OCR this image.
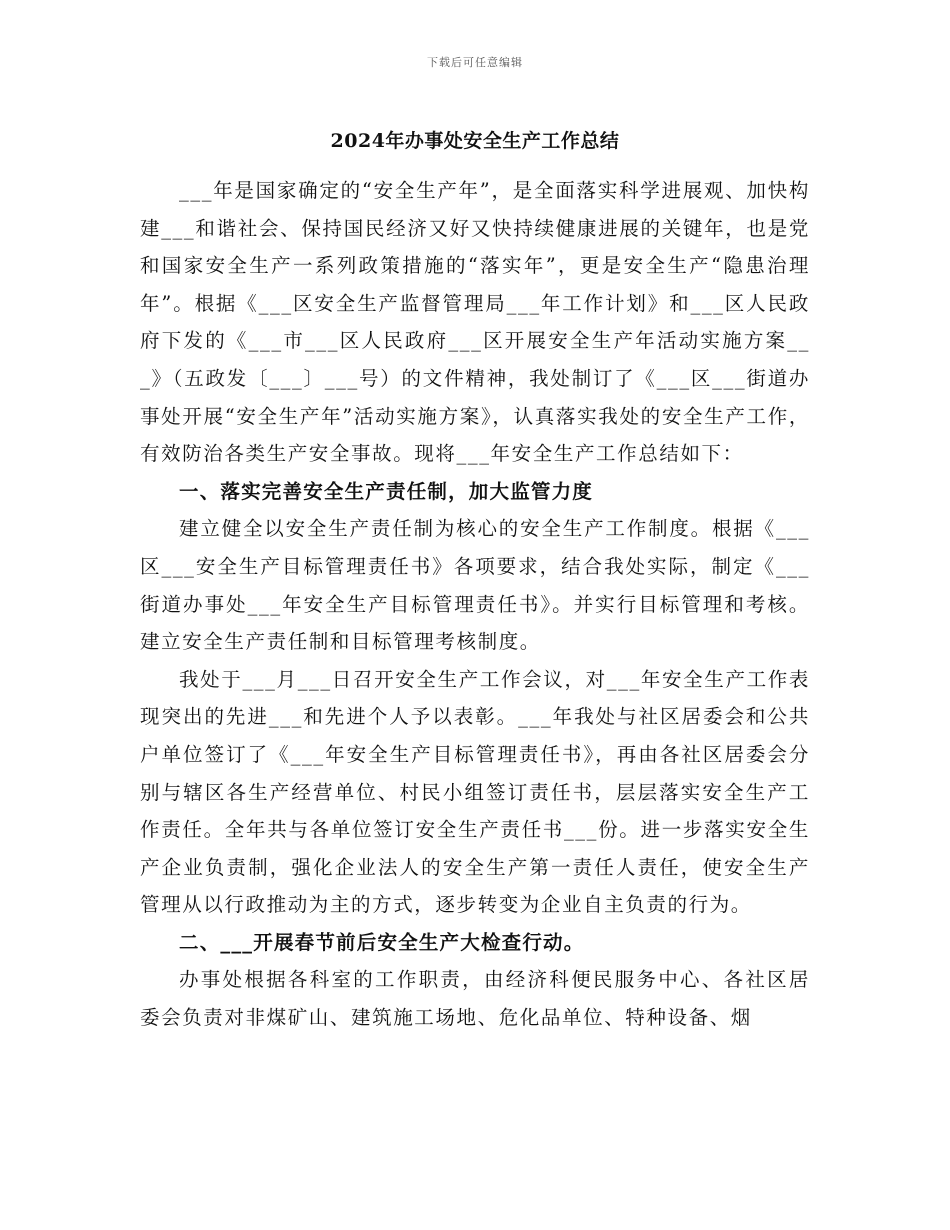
下载后可任意编辑
2024年办事处安全生产工作总结

___年是国家确定的“安全生产年”，是全面落实科学进展观、加快构建___和谐社会、保持国民经济又好又快持续健康进展的关键年，也是党和国家安全生产一系列政策措施的“落实年”，更是安全生产“隐患治理年”。根据《___区安全生产监督管理局___年工作计划》和___区人民政府下发的《___市___区人民政府___区开展安全生产年活动实施方案___》（五政发〔___〕___号）的文件精神，我处制订了《___区___街道办事处开展“安全生产年”活动实施方案》，认真落实我处的安全生产工作，有效防治各类生产安全事故。现将___年安全生产工作总结如下：

一、落实完善安全生产责任制，加大监管力度

建立健全以安全生产责任制为核心的安全生产工作制度。根据《___区___安全生产目标管理责任书》各项要求，结合我处实际，制定《___街道办事处___年安全生产目标管理责任书》。并实行目标管理和考核。建立安全生产责任制和目标管理考核制度。

我处于___月___日召开安全生产工作会议，对___年安全生产工作表现突出的先进___和先进个人予以表彰。___年我处与社区居委会和公共户单位签订了《___年安全生产目标管理责任书》，再由各社区居委会分别与辖区各生产经营单位、村民小组签订责任书，层层落实安全生产工作责任。全年共与各单位签订安全生产责任书___份。进一步落实安全生产企业负责制，强化企业法人的安全生产第一责任人责任，使安全生产管理从以行政推动为主的方式，逐步转变为企业自主负责的行为。

二、___开展春节前后安全生产大检查行动。

办事处根据各科室的工作职责，由经济科便民服务中心、各社区居委会负责对非煤矿山、建筑施工场地、危化品单位、特种设备、烟
